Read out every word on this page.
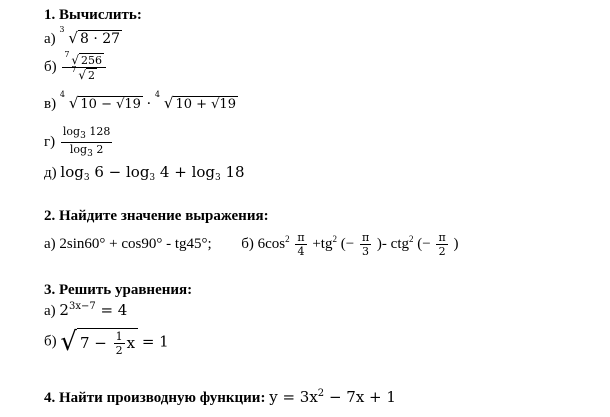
1. Вычислить:
а)
3 √ 8 · 27
$б) \frac{7 √ 256}{7 √ 2}$
в)
4 √ 10 − √19 ·
4 √ 10 + √19
$г) \frac{\log_3 128}{\log_3 2}$
д) $\log_3 6 - \log_3 4 + \log_3 18$
2. Найдите значение выражения:
а) 2sin60° + cos90° - tg45°; б) $6\cos^2 \frac{\pi}{4} +tg^2$ (− $\frac{\pi}{3}$ )- ctg$^2$ (− $\frac{\pi}{2}$ )
3. Решить уравнения:
а) $2^{3x-7} = 4$
б) √ $7 - \frac{1}{2}$ x = 1
4. Найти производную функции: $y = 3x^2 - 7x + 1$
